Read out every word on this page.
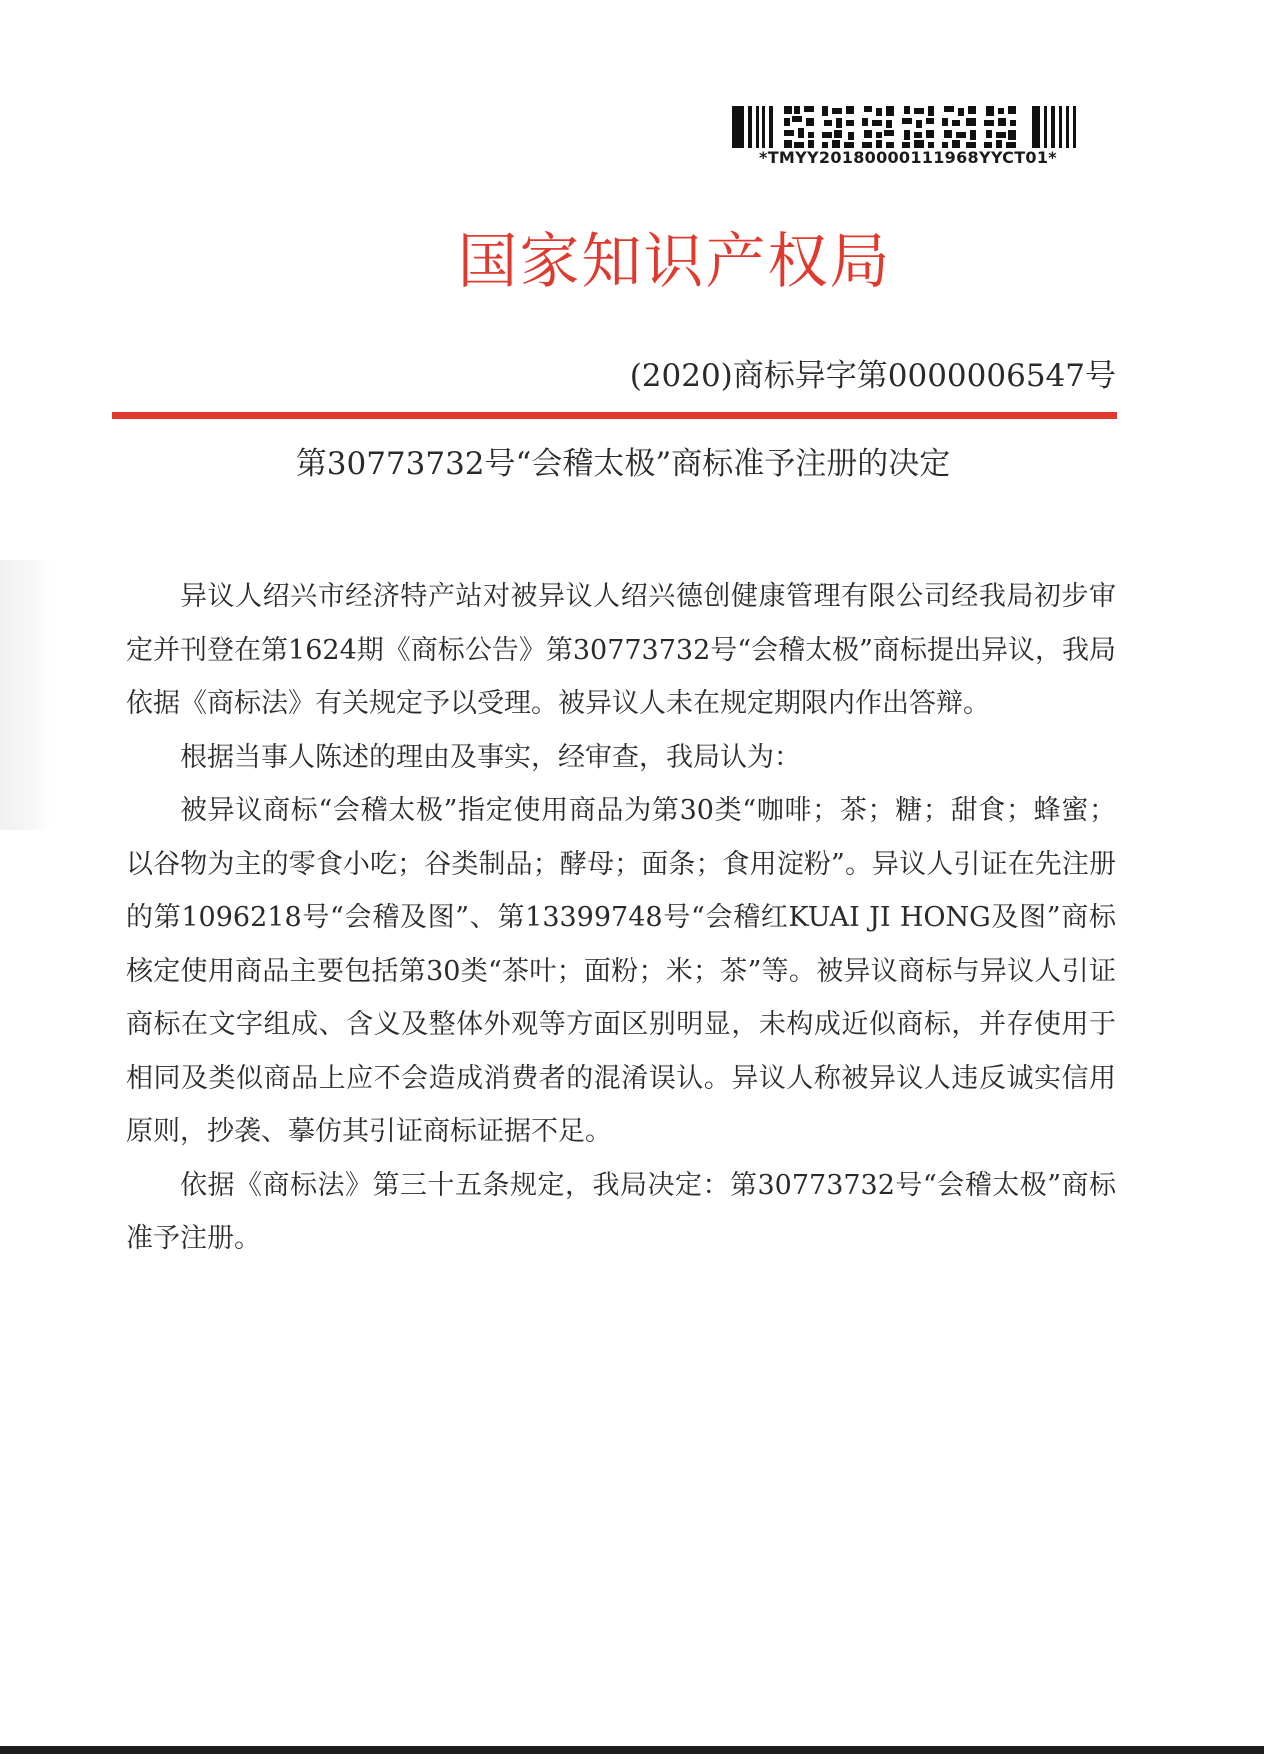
*TMYY20180000111968YYCT01*
国家知识产权局
(2020)商标异字第0000006547号
第30773732号“会稽太极”商标准予注册的决定

异议人绍兴市经济特产站对被异议人绍兴德创健康管理有限公司经我局初步审定并刊登在第1624期《商标公告》第30773732号“会稽太极”商标提出异议，我局依据《商标法》有关规定予以受理。被异议人未在规定期限内作出答辩。

根据当事人陈述的理由及事实，经审查，我局认为：

被异议商标“会稽太极”指定使用商品为第30类“咖啡；茶；糖；甜食；蜂蜜；以谷物为主的零食小吃；谷类制品；酵母；面条；食用淀粉”。异议人引证在先注册的第1096218号“会稽及图”、第13399748号“会稽红KUAI JI HONG及图”商标核定使用商品主要包括第30类“茶叶；面粉；米；茶”等。被异议商标与异议人引证商标在文字组成、含义及整体外观等方面区别明显，未构成近似商标，并存使用于相同及类似商品上应不会造成消费者的混淆误认。异议人称被异议人违反诚实信用原则，抄袭、摹仿其引证商标证据不足。

依据《商标法》第三十五条规定，我局决定：第30773732号“会稽太极”商标准予注册。
